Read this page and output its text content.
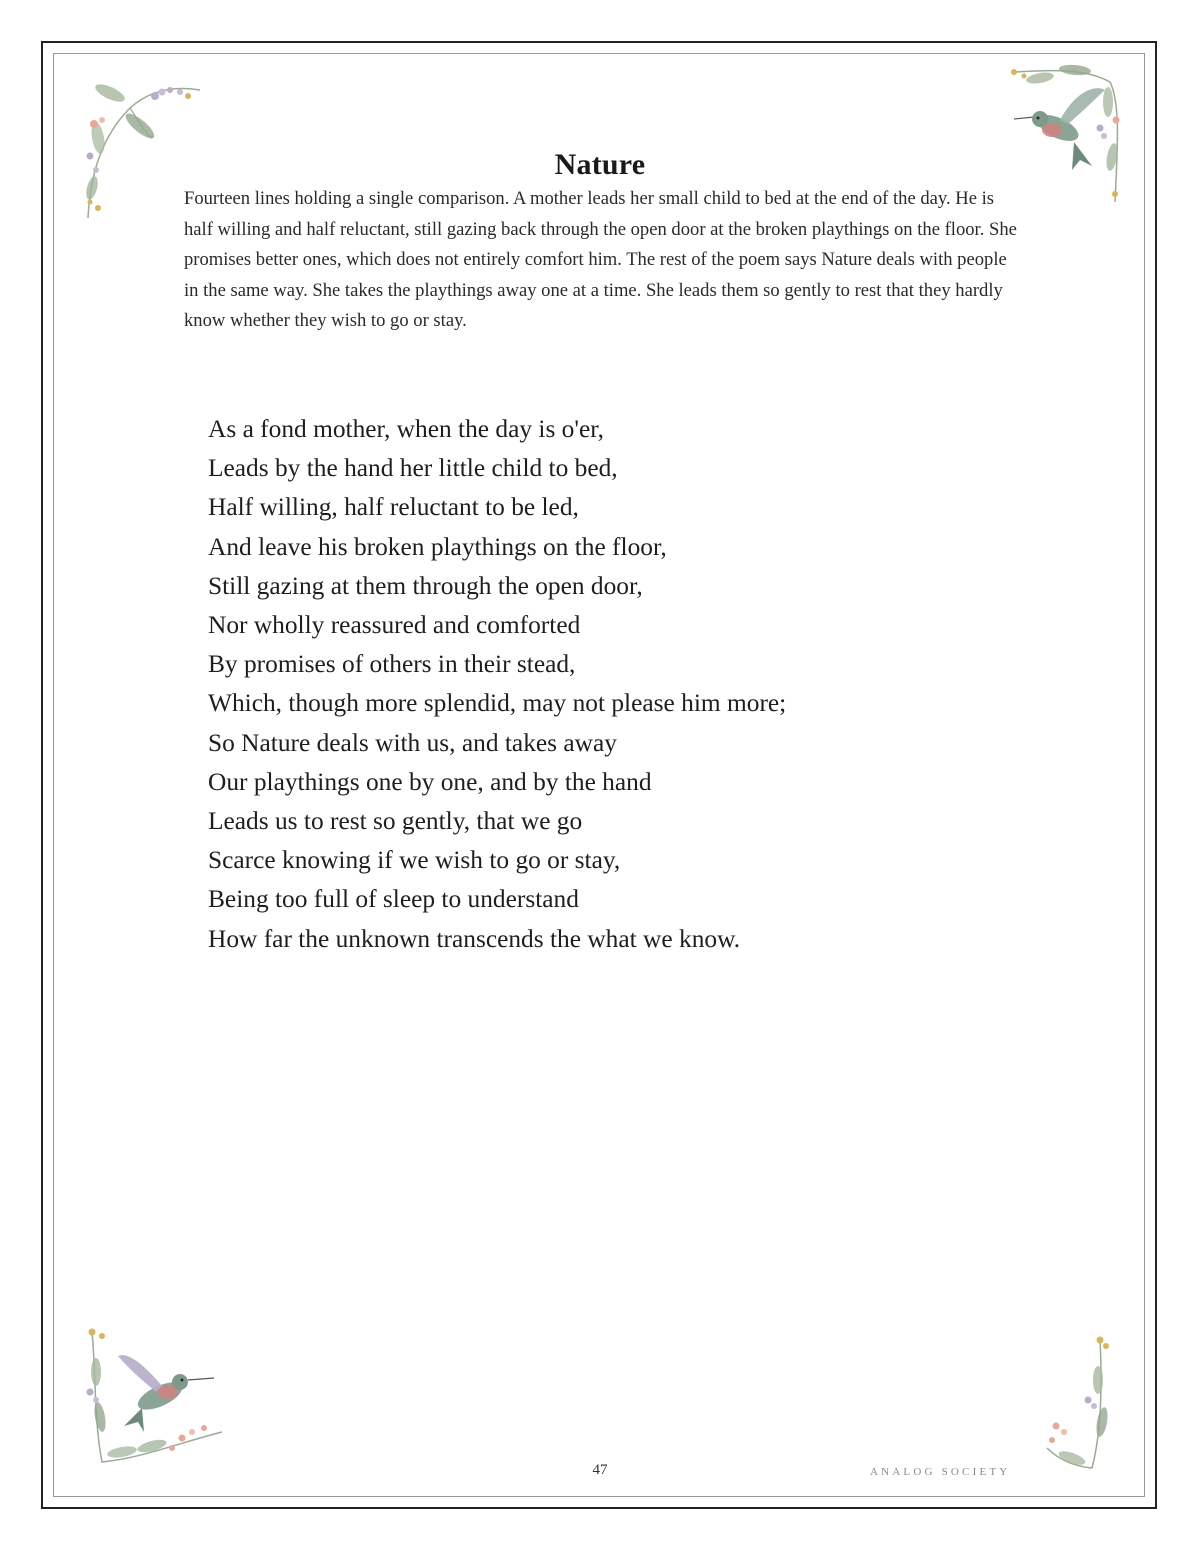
Nature

Fourteen lines holding a single comparison. A mother leads her small child to bed at the end of the day. He is half willing and half reluctant, still gazing back through the open door at the broken playthings on the floor. She promises better ones, which does not entirely comfort him. The rest of the poem says Nature deals with people in the same way. She takes the playthings away one at a time. She leads them so gently to rest that they hardly know whether they wish to go or stay.

As a fond mother, when the day is o'er,
Leads by the hand her little child to bed,
Half willing, half reluctant to be led,
And leave his broken playthings on the floor,
Still gazing at them through the open door,
Nor wholly reassured and comforted
By promises of others in their stead,
Which, though more splendid, may not please him more;
So Nature deals with us, and takes away
Our playthings one by one, and by the hand
Leads us to rest so gently, that we go
Scarce knowing if we wish to go or stay,
Being too full of sleep to understand
How far the unknown transcends the what we know.
47	ANALOG SOCIETY
